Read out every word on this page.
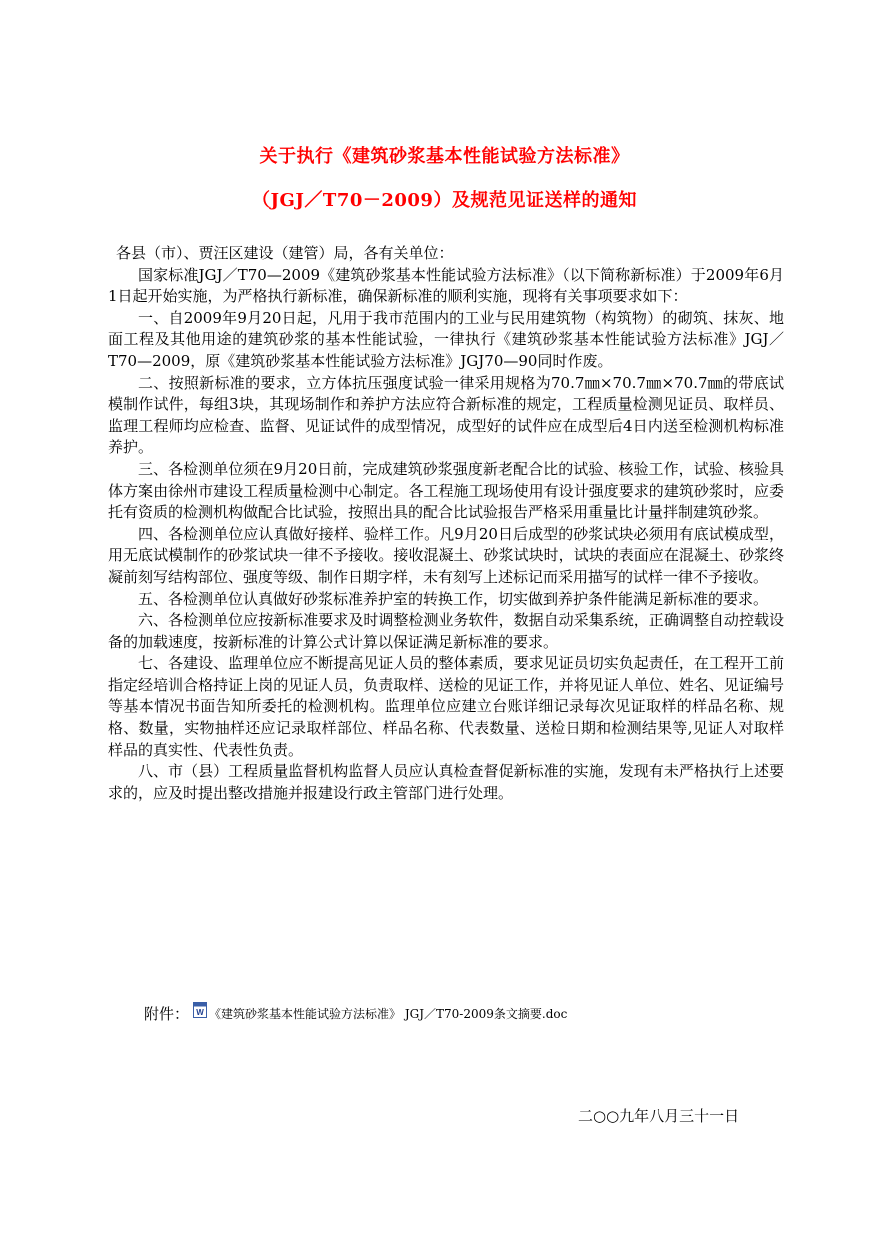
关于执行《建筑砂浆基本性能试验方法标准》
（JGJ／T70－2009）及规范见证送样的通知

各县（市）、贾汪区建设（建管）局，各有关单位：

国家标准JGJ／T70—2009《建筑砂浆基本性能试验方法标准》（以下简称新标准）于2009年6月1日起开始实施，为严格执行新标准，确保新标准的顺利实施，现将有关事项要求如下：

一、自2009年9月20日起，凡用于我市范围内的工业与民用建筑物（构筑物）的砌筑、抹灰、地面工程及其他用途的建筑砂浆的基本性能试验，一律执行《建筑砂浆基本性能试验方法标准》JGJ／T70—2009，原《建筑砂浆基本性能试验方法标准》JGJ70—90同时作废。

二、按照新标准的要求，立方体抗压强度试验一律采用规格为70.7㎜×70.7㎜×70.7㎜的带底试模制作试件，每组3块，其现场制作和养护方法应符合新标准的规定，工程质量检测见证员、取样员、监理工程师均应检查、监督、见证试件的成型情况，成型好的试件应在成型后4日内送至检测机构标准养护。

三、各检测单位须在9月20日前，完成建筑砂浆强度新老配合比的试验、核验工作，试验、核验具体方案由徐州市建设工程质量检测中心制定。各工程施工现场使用有设计强度要求的建筑砂浆时，应委托有资质的检测机构做配合比试验，按照出具的配合比试验报告严格采用重量比计量拌制建筑砂浆。

四、各检测单位应认真做好接样、验样工作。凡9月20日后成型的砂浆试块必须用有底试模成型，用无底试模制作的砂浆试块一律不予接收。接收混凝土、砂浆试块时，试块的表面应在混凝土、砂浆终凝前刻写结构部位、强度等级、制作日期字样，未有刻写上述标记而采用描写的试样一律不予接收。

五、各检测单位认真做好砂浆标准养护室的转换工作，切实做到养护条件能满足新标准的要求。

六、各检测单位应按新标准要求及时调整检测业务软件，数据自动采集系统，正确调整自动控载设备的加载速度，按新标准的计算公式计算以保证满足新标准的要求。

七、各建设、监理单位应不断提高见证人员的整体素质，要求见证员切实负起责任，在工程开工前指定经培训合格持证上岗的见证人员，负责取样、送检的见证工作，并将见证人单位、姓名、见证编号等基本情况书面告知所委托的检测机构。监理单位应建立台账详细记录每次见证取样的样品名称、规格、数量，实物抽样还应记录取样部位、样品名称、代表数量、送检日期和检测结果等,见证人对取样样品的真实性、代表性负责。

八、市（县）工程质量监督机构监督人员应认真检查督促新标准的实施，发现有未严格执行上述要求的，应及时提出整改措施并报建设行政主管部门进行处理。

附件： W 《建筑砂浆基本性能试验方法标准》 JGJ／T70-2009条文摘要.doc
二○○九年八月三十一日
